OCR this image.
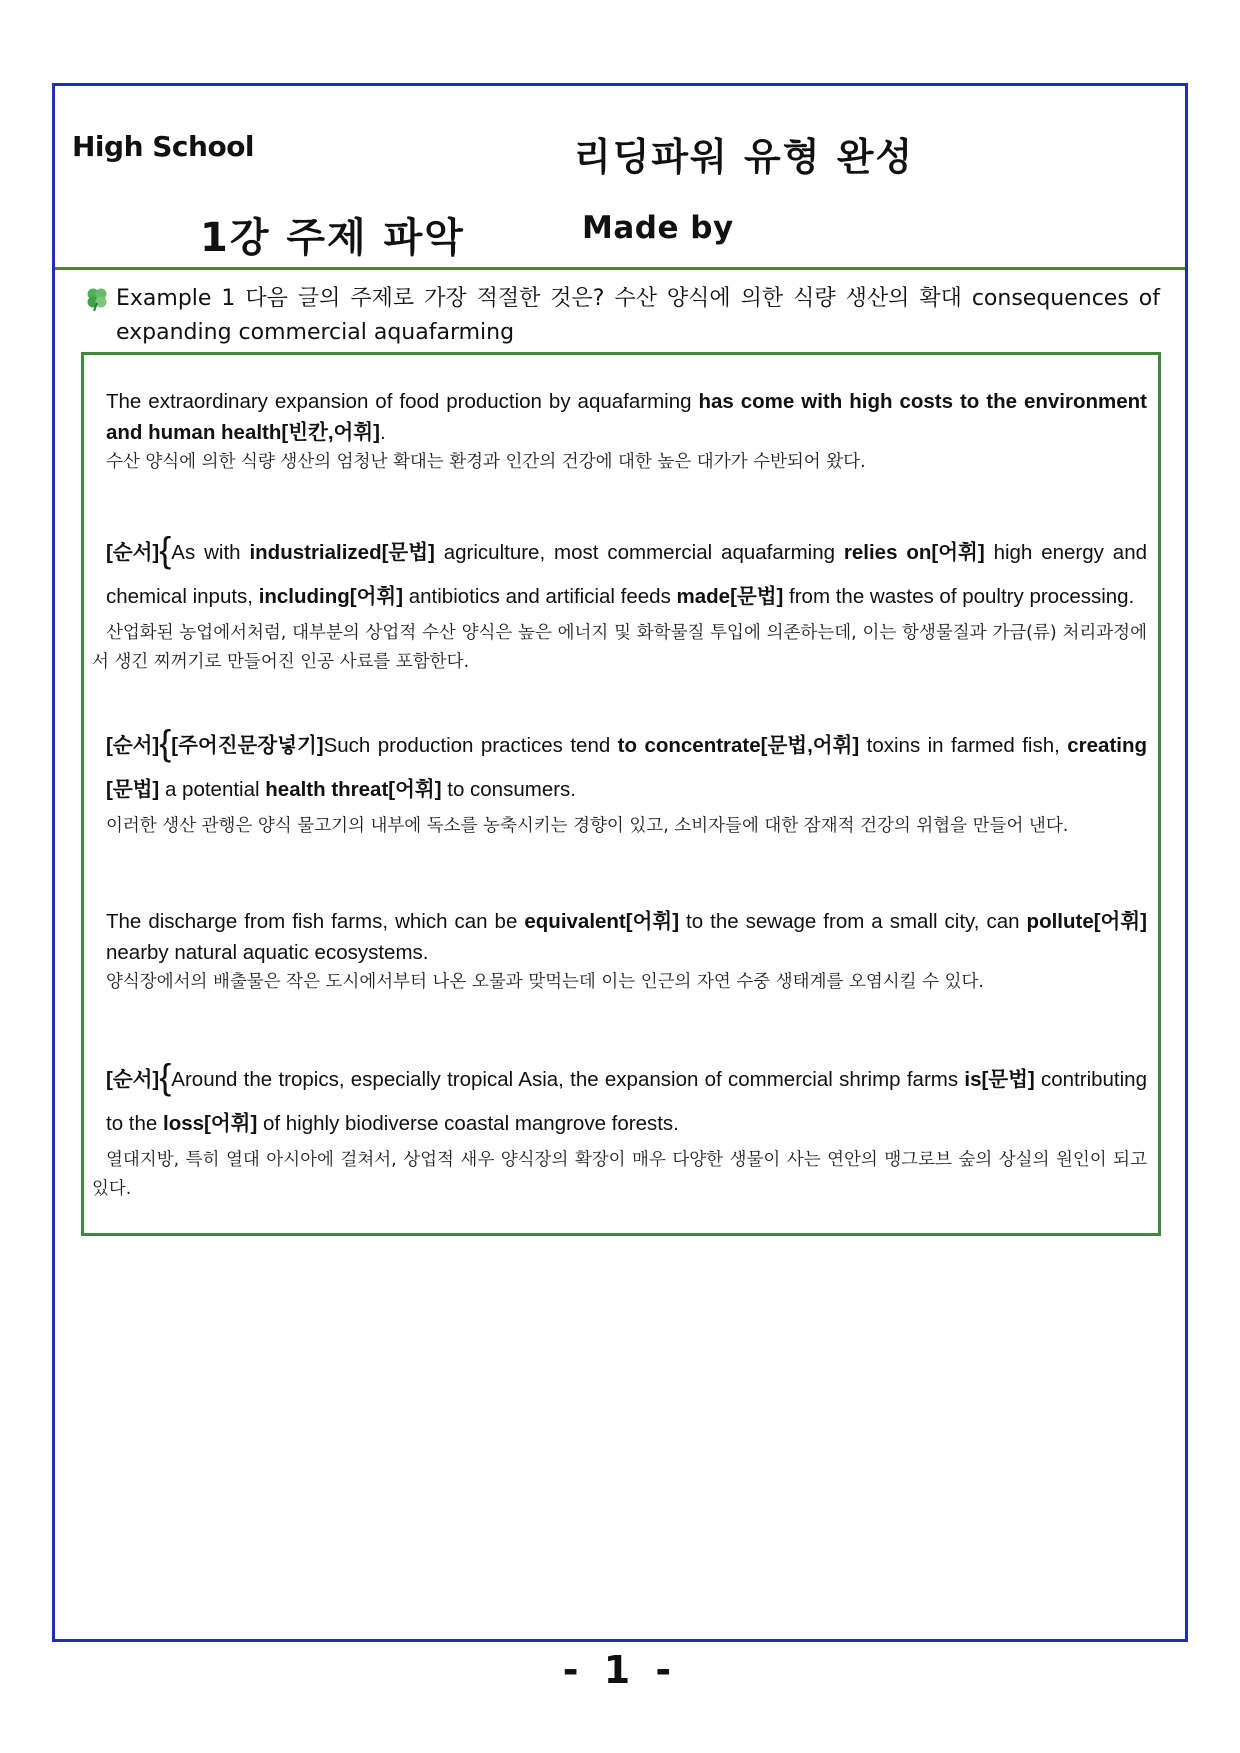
High School	리딩파워 유형 완성
1강 주제 파악	Made by
Example 1 다음 글의 주제로 가장 적절한 것은? 수산 양식에 의한 식량 생산의 확대 consequences of expanding commercial aquafarming

The extraordinary expansion of food production by aquafarming has come with high costs to the environment and human health[빈칸,어휘].

수산 양식에 의한 식량 생산의 엄청난 확대는 환경과 인간의 건강에 대한 높은 대가가 수반되어 왔다.

[순서]{As with industrialized[문법] agriculture, most commercial aquafarming relies on[어휘] high energy and chemical inputs, including[어휘] antibiotics and artificial feeds made[문법] from the wastes of poultry processing.

산업화된 농업에서처럼, 대부분의 상업적 수산 양식은 높은 에너지 및 화학물질 투입에 의존하는데, 이는 항생물질과 가금(류) 처리과정에서 생긴 찌꺼기로 만들어진 인공 사료를 포함한다.

[순서]{[주어진문장넣기]Such production practices tend to concentrate[문법,어휘] toxins in farmed fish, creating [문법] a potential health threat[어휘] to consumers.

이러한 생산 관행은 양식 물고기의 내부에 독소를 농축시키는 경향이 있고, 소비자들에 대한 잠재적 건강의 위협을 만들어 낸다.

The discharge from fish farms, which can be equivalent[어휘] to the sewage from a small city, can pollute[어휘] nearby natural aquatic ecosystems.

양식장에서의 배출물은 작은 도시에서부터 나온 오물과 맞먹는데 이는 인근의 자연 수중 생태계를 오염시킬 수 있다.

[순서]{Around the tropics, especially tropical Asia, the expansion of commercial shrimp farms is[문법] contributing to the loss[어휘] of highly biodiverse coastal mangrove forests.

열대지방, 특히 열대 아시아에 걸쳐서, 상업적 새우 양식장의 확장이 매우 다양한 생물이 사는 연안의 맹그로브 숲의 상실의 원인이 되고 있다.

- 1 -
